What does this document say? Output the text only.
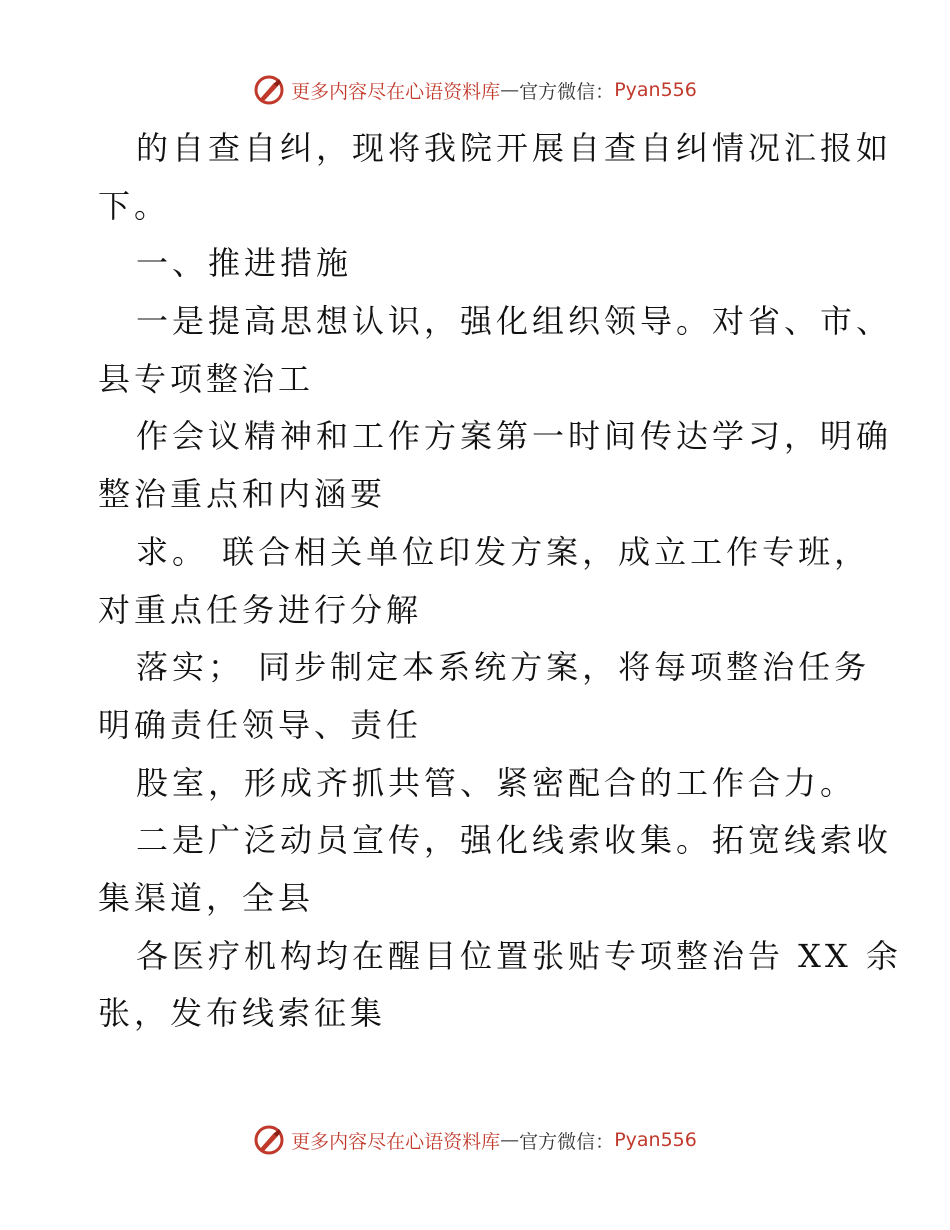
更多内容尽在心语资料库 — 官方微信： Pyan556
的自查自纠，现将我院开展自查自纠情况汇报如
下。
一、推进措施
一是提高思想认识，强化组织领导。对省、市、
县专项整治工
作会议精神和工作方案第一时间传达学习，明确
整治重点和内涵要
求。 联合相关单位印发方案，成立工作专班，
对重点任务进行分解
落实； 同步制定本系统方案，将每项整治任务
明确责任领导、责任
股室，形成齐抓共管、紧密配合的工作合力。
二是广泛动员宣传，强化线索收集。拓宽线索收
集渠道，全县
各医疗机构均在醒目位置张贴专项整治告 XX 余
张，发布线索征集
更多内容尽在心语资料库 — 官方微信： Pyan556
